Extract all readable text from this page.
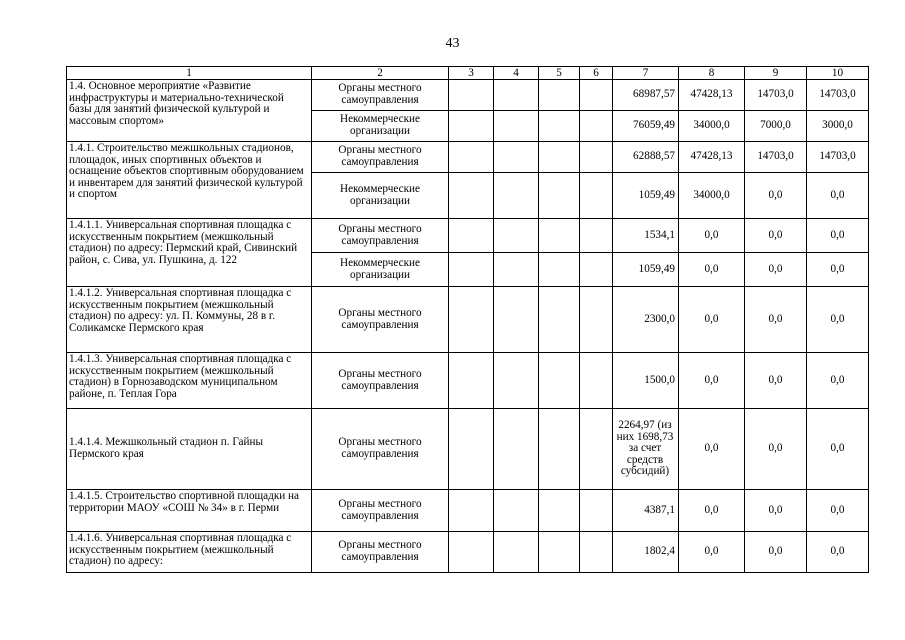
43
1	2	3	4	5	6	7	8	9	10
1.4. Основное мероприятие «Развитие инфраструктуры и материально-технической базы для занятий физической культурой и массовым спортом»	Органы местного самоуправления					68987,57	47428,13	14703,0	14703,0
	Некоммерческие организации					76059,49	34000,0	7000,0	3000,0
1.4.1. Строительство межшкольных стадионов, площадок, иных спортивных объектов и оснащение объектов спортивным оборудованием и инвентарем для занятий физической культурой и спортом	Органы местного самоуправления					62888,57	47428,13	14703,0	14703,0
	Некоммерческие организации					1059,49	34000,0	0,0	0,0
1.4.1.1. Универсальная спортивная площадка с искусственным покрытием (межшкольный стадион) по адресу: Пермский край, Сивинский район, с. Сива, ул. Пушкина, д. 122	Органы местного самоуправления					1534,1	0,0	0,0	0,0
	Некоммерческие организации					1059,49	0,0	0,0	0,0
1.4.1.2. Универсальная спортивная площадка с искусственным покрытием (межшкольный стадион) по адресу: ул. П. Коммуны, 28 в г. Соликамске Пермского края	Органы местного самоуправления					2300,0	0,0	0,0	0,0
1.4.1.3. Универсальная спортивная площадка с искусственным покрытием (межшкольный стадион) в Горнозаводском муниципальном районе, п. Теплая Гора	Органы местного самоуправления					1500,0	0,0	0,0	0,0
1.4.1.4. Межшкольный стадион п. Гайны Пермского края	Органы местного самоуправления					2264,97 (из них 1698,73 за счет средств субсидий)	0,0	0,0	0,0
1.4.1.5. Строительство спортивной площадки на территории МАОУ «СОШ № 34» в г. Перми	Органы местного самоуправления					4387,1	0,0	0,0	0,0
1.4.1.6. Универсальная спортивная площадка с искусственным покрытием (межшкольный стадион) по адресу:	Органы местного самоуправления					1802,4	0,0	0,0	0,0
